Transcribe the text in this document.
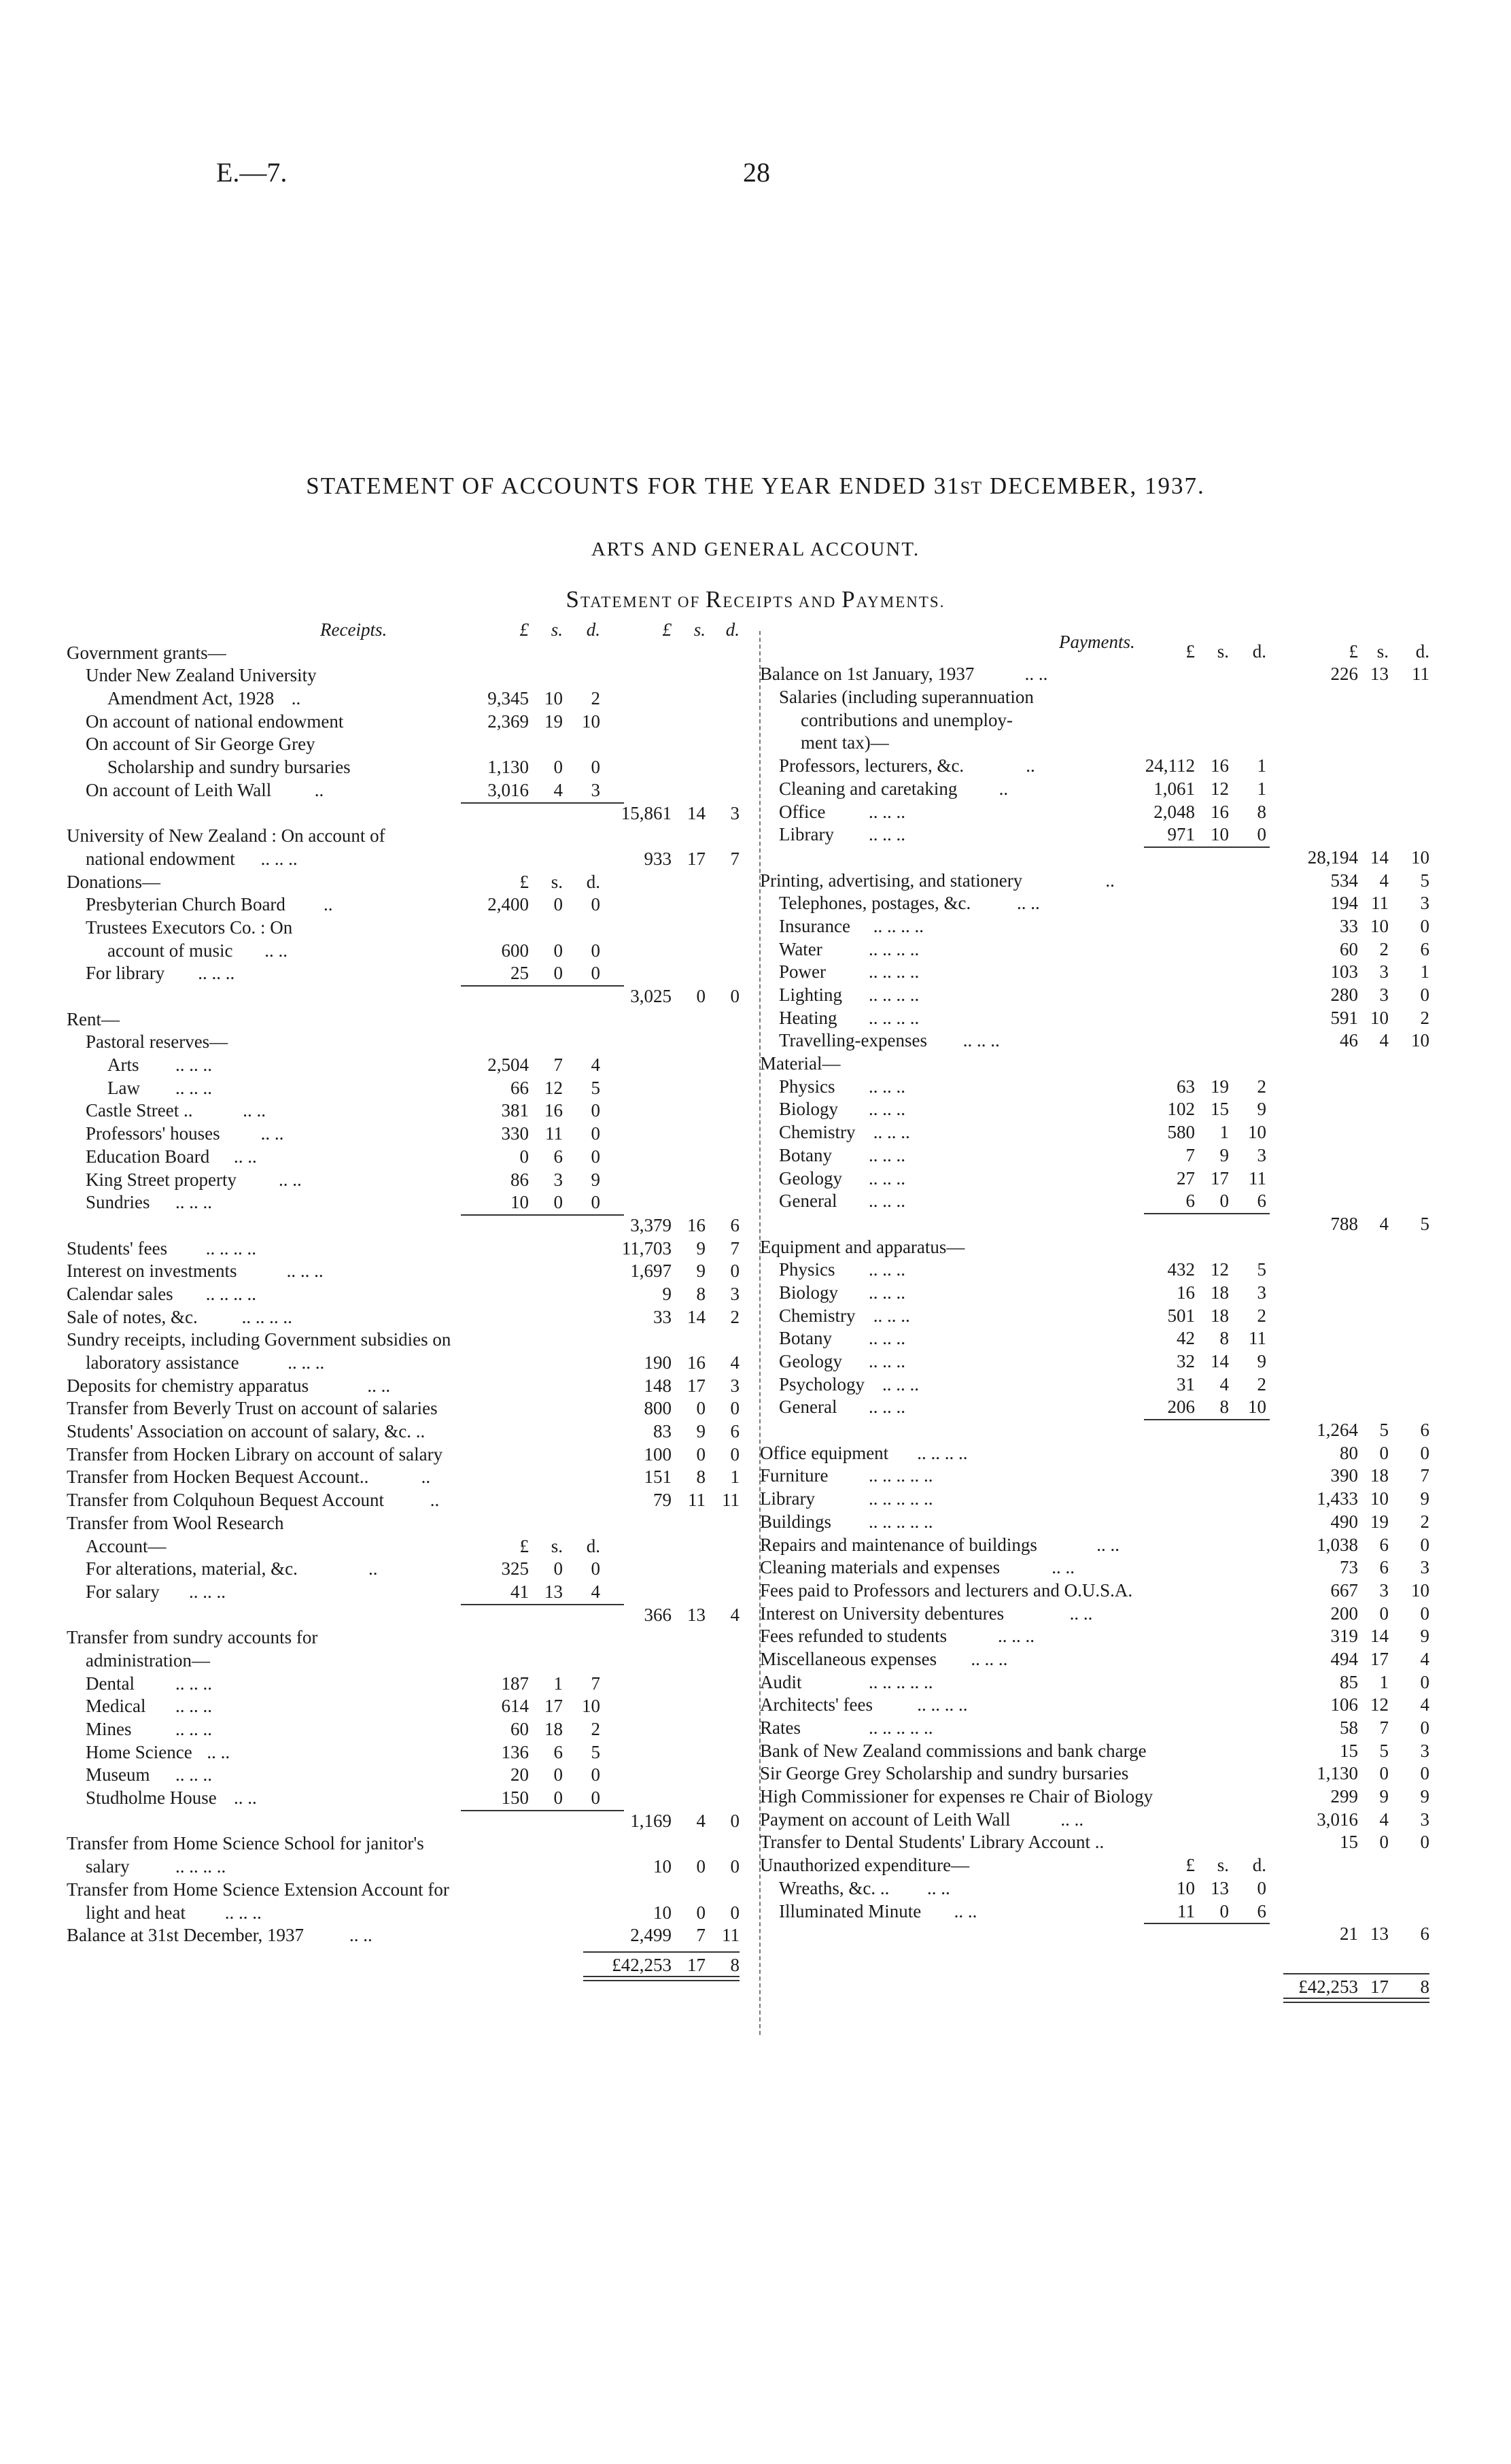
E.—7.	28
STATEMENT OF ACCOUNTS FOR THE YEAR ENDED 31ST DECEMBER, 1937.
ARTS AND GENERAL ACCOUNT.
STATEMENT OF RECEIPTS AND PAYMENTS.
Receipts.	£	s.	d.	£	s.	d.
Government grants—
Under New Zealand University
Amendment Act, 1928 ..	9,345 10	2
On account of national endowment	2,369 19	10
On account of Sir George Grey
Scholarship and sundry bursaries	1,130	0	0
On account of Leith Wall ..	3,016	4	3
15,861 14	3
University of New Zealand : On account of
national endowment .. .. ..	933 17	7
Donations—	£	s.	d.
Presbyterian Church Board ..	2,400	0	0
Trustees Executors Co. : On
account of music .. ..	600	0	0
For library .. .. ..	25	0	0
3,025	0	0
Rent—
Pastoral reserves—
Arts .. .. ..	2,504	7	4
Law .. .. ..	66 12	5
Castle Street ..	.. ..	381 16	0
Professors' houses .. ..	330 11	0
Education Board .. ..	0	6	0
King Street property .. ..	86	3	9
Sundries .. .. ..	10	0	0
3,379 16	6
Students' fees .. .. .. ..	11,703	9	7
Interest on investments	.. .. ..	1,697	9	0
Calendar sales .. .. .. ..	9	8	3
Sale of notes, &c. .. .. .. ..	33 14	2
Sundry receipts, including Government subsidies on
laboratory assistance	.. .. ..	190 16	4
Deposits for chemistry apparatus	.. ..	148 17	3
Transfer from Beverly Trust on account of salaries	800	0	0
Students' Association on account of salary, &c. ..	83	9	6
Transfer from Hocken Library on account of salary	100	0	0
Transfer from Hocken Bequest Account..	..	151	8	1
Transfer from Colquhoun Bequest Account	..	79 11 11
Transfer from Wool Research
Account—	£	s.	d.
For alterations, material, &c.	..	325	0	0
For salary .. .. ..	41 13	4
366 13	4
Transfer from sundry accounts for
administration—
Dental .. .. ..	187	1	7
Medical .. .. ..	614 17	10
Mines .. .. ..	60 18	2
Home Science .. ..	136	6	5
Museum .. .. ..	20	0	0
Studholme House .. ..	150	0	0
1,169	4	0
Transfer from Home Science School for janitor's
salary	.. .. .. ..	10	0	0
Transfer from Home Science Extension Account for
light and heat .. .. ..	10	0	0
Balance at 31st December, 1937 .. ..	2,499	7 11
£42,253 17	8
Payments.	£	s.	d.	£	s.	d.
Balance on 1st January, 1937	.. ..	226 13	11
Salaries (including superannuation
contributions and unemploy-
ment tax)—
Professors, lecturers, &c.	..	24,112 16	1
Cleaning and caretaking ..	1,061 12	1
Office .. .. ..	2,048 16	8
Library .. .. ..	971 10	0
28,194 14	10
Printing, advertising, and stationery	..	534	4	5
Telephones, postages, &c.	.. ..	194 11	3
Insurance .. .. .. ..	33 10	0
Water	.. .. .. ..	60	2	6
Power .. .. .. ..	103	3	1
Lighting .. .. .. ..	280	3	0
Heating .. .. .. ..	591 10	2
Travelling-expenses .. .. ..	46	4	10
Material—
Physics .. .. ..	63 19	2
Biology .. .. ..	102 15	9
Chemistry .. .. ..	580	1	10
Botany .. .. ..	7	9	3
Geology .. .. ..	27 17	11
General .. .. ..	6	0	6
788	4	5
Equipment and apparatus—
Physics .. .. ..	432 12	5
Biology .. .. ..	16 18	3
Chemistry .. .. ..	501 18	2
Botany .. .. ..	42	8	11
Geology .. .. ..	32 14	9
Psychology .. .. ..	31	4	2
General .. .. ..	206	8	10
1,264	5	6
Office equipment .. .. .. ..	80	0	0
Furniture .. .. .. .. ..	390 18	7
Library	.. .. .. .. ..	1,433 10	9
Buildings .. .. .. .. ..	490 19	2
Repairs and maintenance of buildings	.. ..	1,038	6	0
Cleaning materials and expenses	.. ..	73	6	3
Fees paid to Professors and lecturers and O.U.S.A.	667	3	10
Interest on University debentures	.. ..	200	0	0
Fees refunded to students	.. .. ..	319 14	9
Miscellaneous expenses .. .. ..	494 17	4
Audit	.. .. .. .. ..	85	1	0
Architects' fees .. .. .. ..	106 12	4
Rates	.. .. .. .. ..	58	7	0
Bank of New Zealand commissions and bank charge	15	5	3
Sir George Grey Scholarship and sundry bursaries	1,130	0	0
High Commissioner for expenses re Chair of Biology	299	9	9
Payment on account of Leith Wall	.. ..	3,016	4	3
Transfer to Dental Students' Library Account ..	15	0	0
Unauthorized expenditure—	£	s.	d.
Wreaths, &c. .. .. ..	10 13	0
Illuminated Minute .. ..	11	0	6
21 13	6
£42,253 17	8
